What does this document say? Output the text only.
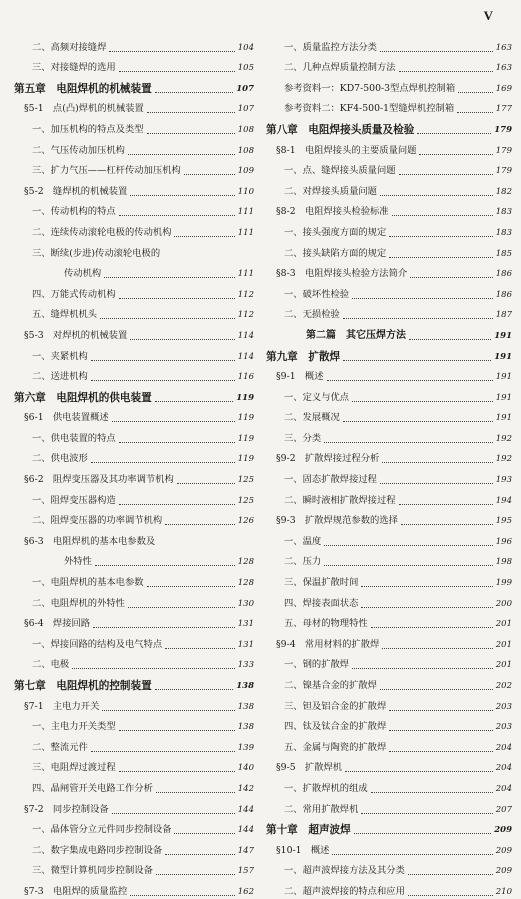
V
二、高频对接缝焊	104
三、对接缝焊的选用	105
第五章　电阻焊机的机械装置	107
§5-1　点(凸)焊机的机械装置	107
一、加压机构的特点及类型	108
二、气压传动加压机构	108
三、扩力气压——杠杆传动加压机构	109
§5-2　缝焊机的机械装置	110
一、传动机构的特点	111
二、连续传动滚轮电极的传动机构	111
三、断续(步进)传动滚轮电极的
传动机构	111
四、万能式传动机构	112
五、缝焊机机头	112
§5-3　对焊机的机械装置	114
一、夹紧机构	114
二、送进机构	116
第六章　电阻焊机的供电装置	119
§6-1　供电装置概述	119
一、供电装置的特点	119
二、供电波形	119
§6-2　阻焊变压器及其功率调节机构	125
一、阻焊变压器构造	125
二、阻焊变压器的功率调节机构	126
§6-3　电阻焊机的基本电参数及
外特性	128
一、电阻焊机的基本电参数	128
二、电阻焊机的外特性	130
§6-4　焊接回路	131
一、焊接回路的结构及电气特点	131
二、电极	133
第七章　电阻焊机的控制装置	138
§7-1　主电力开关	138
一、主电力开关类型	138
二、整流元件	139
三、电阻焊过渡过程	140
四、晶闸管开关电路工作分析	142
§7-2　同步控制设备	144
一、晶体管分立元件同步控制设备	144
二、数字集成电路同步控制设备	147
三、微型计算机同步控制设备	157
§7-3　电阻焊的质量监控	162
一、质量监控方法分类	163
二、几种点焊质量控制方法	163
参考资料一：KD7-500-3型点焊机控制箱	169
参考资料二：KF4-500-1型缝焊机控制箱	177
第八章　电阻焊接头质量及检验	179
§8-1　电阻焊接头的主要质量问题	179
一、点、缝焊接头质量问题	179
二、对焊接头质量问题	182
§8-2　电阻焊接头检验标准	183
一、接头强度方面的规定	183
二、接头缺陷方面的规定	185
§8-3　电阻焊接头检验方法简介	186
一、破坏性检验	186
二、无损检验	187
第二篇　其它压焊方法	191
第九章　扩散焊	191
§9-1　概述	191
一、定义与优点	191
二、发展概况	191
三、分类	192
§9-2　扩散焊接过程分析	192
一、固态扩散焊接过程	193
二、瞬时液相扩散焊接过程	194
§9-3　扩散焊规范参数的选择	195
一、温度	196
二、压力	198
三、保温扩散时间	199
四、焊接表面状态	200
五、母材的物理特性	201
§9-4　常用材料的扩散焊	201
一、钢的扩散焊	201
二、镍基合金的扩散焊	202
三、钽及铝合金的扩散焊	203
四、钛及钛合金的扩散焊	203
五、金属与陶瓷的扩散焊	204
§9-5　扩散焊机	204
一、扩散焊机的组成	204
二、常用扩散焊机	207
第十章　超声波焊	209
§10-1　概述	209
一、超声波焊接方法及其分类	209
二、超声波焊接的特点和应用	210
